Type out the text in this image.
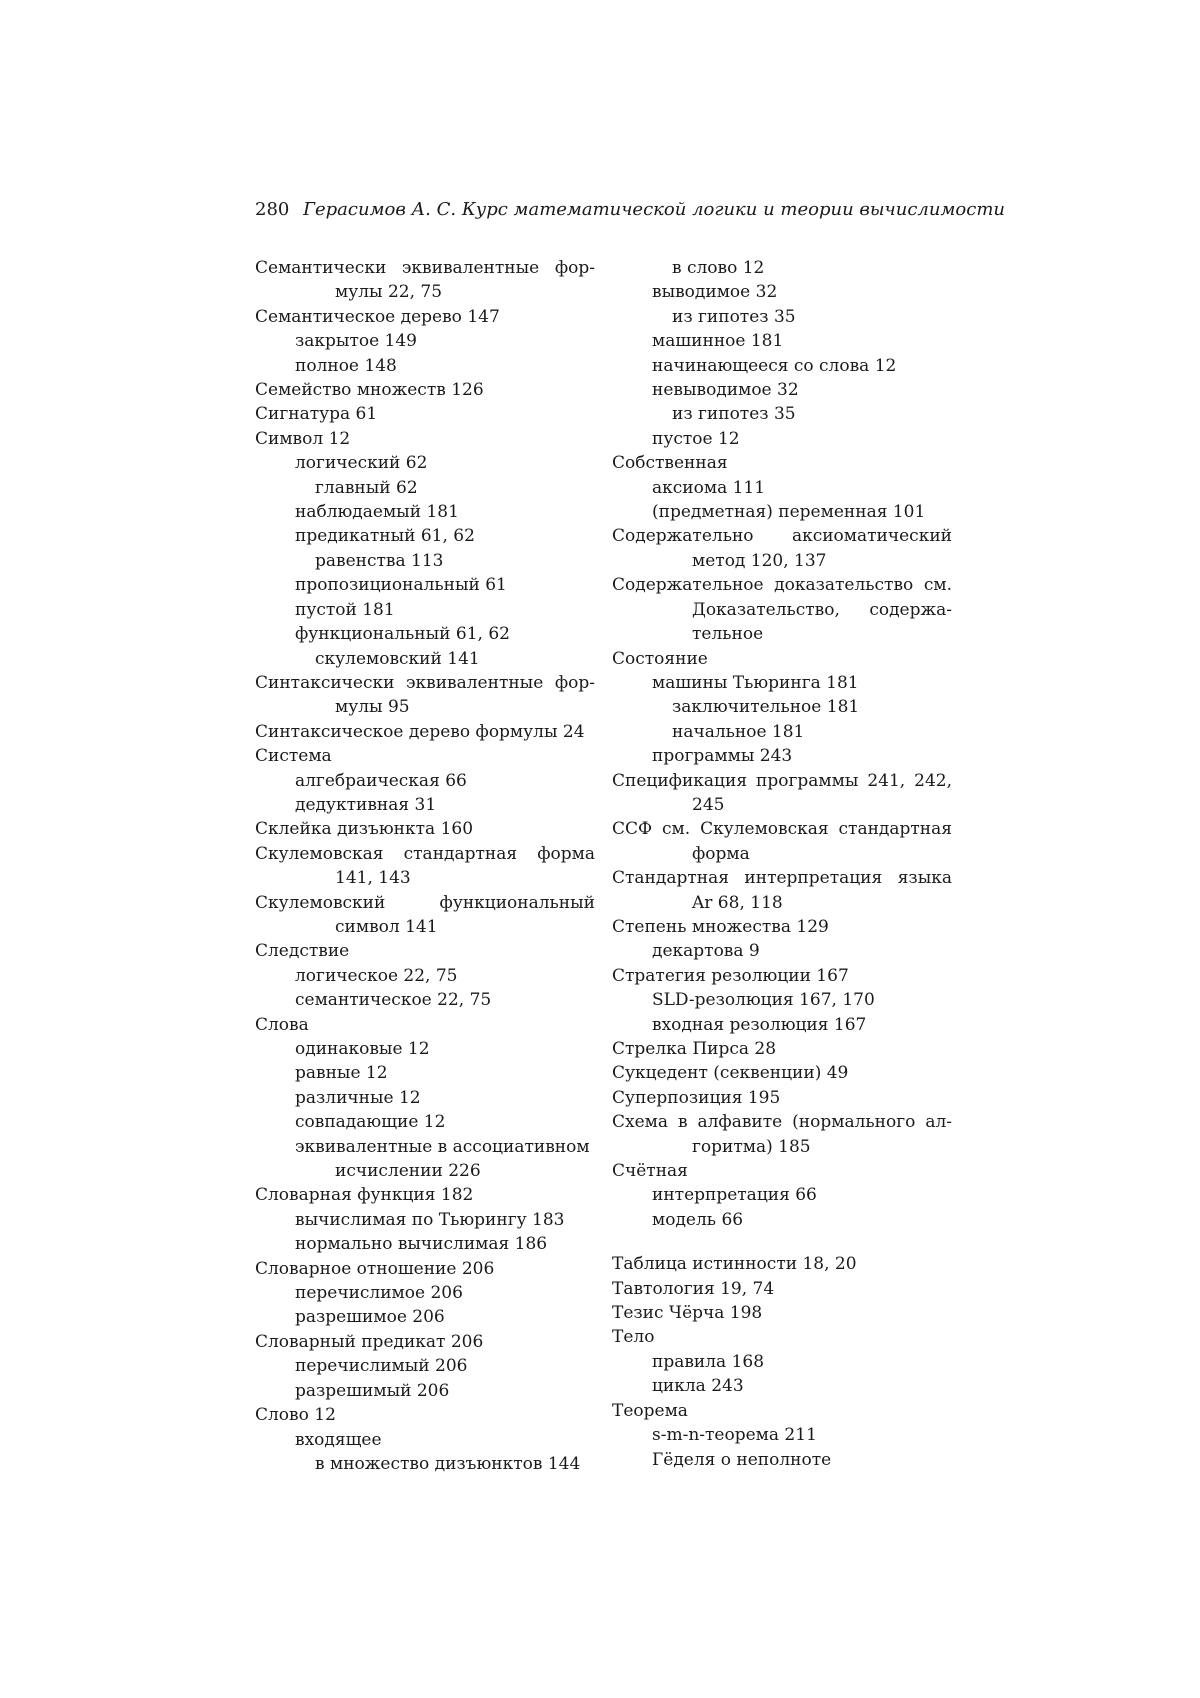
280 Герасимов А. С. Курс математической логики и теории вычислимости
Семантически эквивалентные фор-
мулы 22, 75
Семантическое дерево 147
закрытое 149
полное 148
Семейство множеств 126
Сигнатура 61
Символ 12
логический 62
главный 62
наблюдаемый 181
предикатный 61, 62
равенства 113
пропозициональный 61
пустой 181
функциональный 61, 62
скулемовский 141
Синтаксически эквивалентные фор-
мулы 95
Синтаксическое дерево формулы 24
Система
алгебраическая 66
дедуктивная 31
Склейка дизъюнкта 160
Скулемовская стандартная форма
141, 143
Скулемовский функциональный
символ 141
Следствие
логическое 22, 75
семантическое 22, 75
Слова
одинаковые 12
равные 12
различные 12
совпадающие 12
эквивалентные в ассоциативном
исчислении 226
Словарная функция 182
вычислимая по Тьюрингу 183
нормально вычислимая 186
Словарное отношение 206
перечислимое 206
разрешимое 206
Словарный предикат 206
перечислимый 206
разрешимый 206
Слово 12
входящее
в множество дизъюнктов 144
в слово 12
выводимое 32
из гипотез 35
машинное 181
начинающееся со слова 12
невыводимое 32
из гипотез 35
пустое 12
Собственная
аксиома 111
(предметная) переменная 101
Содержательно аксиоматический
метод 120, 137
Содержательное доказательство см.
Доказательство, содержа-
тельное
Состояние
машины Тьюринга 181
заключительное 181
начальное 181
программы 243
Спецификация программы 241, 242,
245
ССФ см. Скулемовская стандартная
форма
Стандартная интерпретация языка
Ar 68, 118
Степень множества 129
декартова 9
Стратегия резолюции 167
SLD-резолюция 167, 170
входная резолюция 167
Стрелка Пирса 28
Сукцедент (секвенции) 49
Суперпозиция 195
Схема в алфавите (нормального ал-
горитма) 185
Счётная
интерпретация 66
модель 66
Таблица истинности 18, 20
Тавтология 19, 74
Тезис Чёрча 198
Тело
правила 168
цикла 243
Теорема
s-m-n-теорема 211
Гёделя о неполноте
